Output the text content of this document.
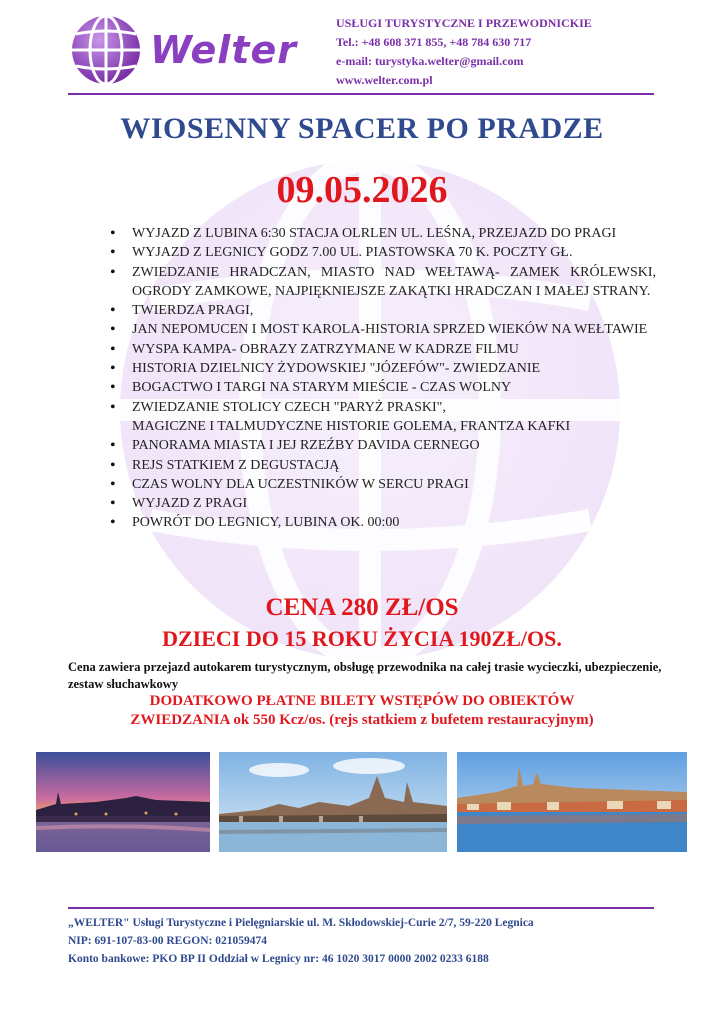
Welter
USŁUGI TURYSTYCZNE I PRZEWODNICKIE
Tel.: +48 608 371 855, +48 784 630 717
e-mail: turystyka.welter@gmail.com
www.welter.com.pl
WIOSENNY SPACER PO PRADZE
09.05.2026
• WYJAZD Z LUBINA 6:30 STACJA OLRLEN UL. LEŚNA, PRZEJAZD DO PRAGI
• WYJAZD Z LEGNICY GODZ 7.00 UL. PIASTOWSKA 70 K. POCZTY GŁ.
• ZWIEDZANIE HRADCZAN, MIASTO NAD WEŁTAWĄ- ZAMEK KRÓLEWSKI, OGRODY ZAMKOWE, NAJPIĘKNIEJSZE ZAKĄTKI HRADCZAN I MAŁEJ STRANY.
• TWIERDZA PRAGI,
• JAN NEPOMUCEN I MOST KAROLA-HISTORIA SPRZED WIEKÓW NA WEŁTAWIE
• WYSPA KAMPA- OBRAZY ZATRZYMANE W KADRZE FILMU
• HISTORIA DZIELNICY ŻYDOWSKIEJ "JÓZEFÓW"- ZWIEDZANIE
• BOGACTWO I TARGI NA STARYM MIEŚCIE - CZAS WOLNY
• ZWIEDZANIE STOLICY CZECH "PARYŻ PRASKI",
MAGICZNE I TALMUDYCZNE HISTORIE GOLEMA, FRANTZA KAFKI
• PANORAMA MIASTA I JEJ RZEŹBY DAVIDA CERNEGO
• REJS STATKIEM Z DEGUSTACJĄ
• CZAS WOLNY DLA UCZESTNIKÓW W SERCU PRAGI
• WYJAZD Z PRAGI
• POWRÓT DO LEGNICY, LUBINA OK. 00:00
CENA 280 ZŁ/OS
DZIECI DO 15 ROKU ŻYCIA 190ZŁ/OS.
Cena zawiera przejazd autokarem turystycznym, obsługę przewodnika na całej trasie wycieczki, ubezpieczenie, zestaw słuchawkowy
DODATKOWO PŁATNE BILETY WSTĘPÓW DO OBIEKTÓW
ZWIEDZANIA ok 550 Kcz/os. (rejs statkiem z bufetem restauracyjnym)
„WELTER" Usługi Turystyczne i Pielęgniarskie ul. M. Skłodowskiej-Curie 2/7, 59-220 Legnica
NIP: 691-107-83-00 REGON: 021059474
Konto bankowe: PKO BP II Oddział w Legnicy nr: 46 1020 3017 0000 2002 0233 6188
